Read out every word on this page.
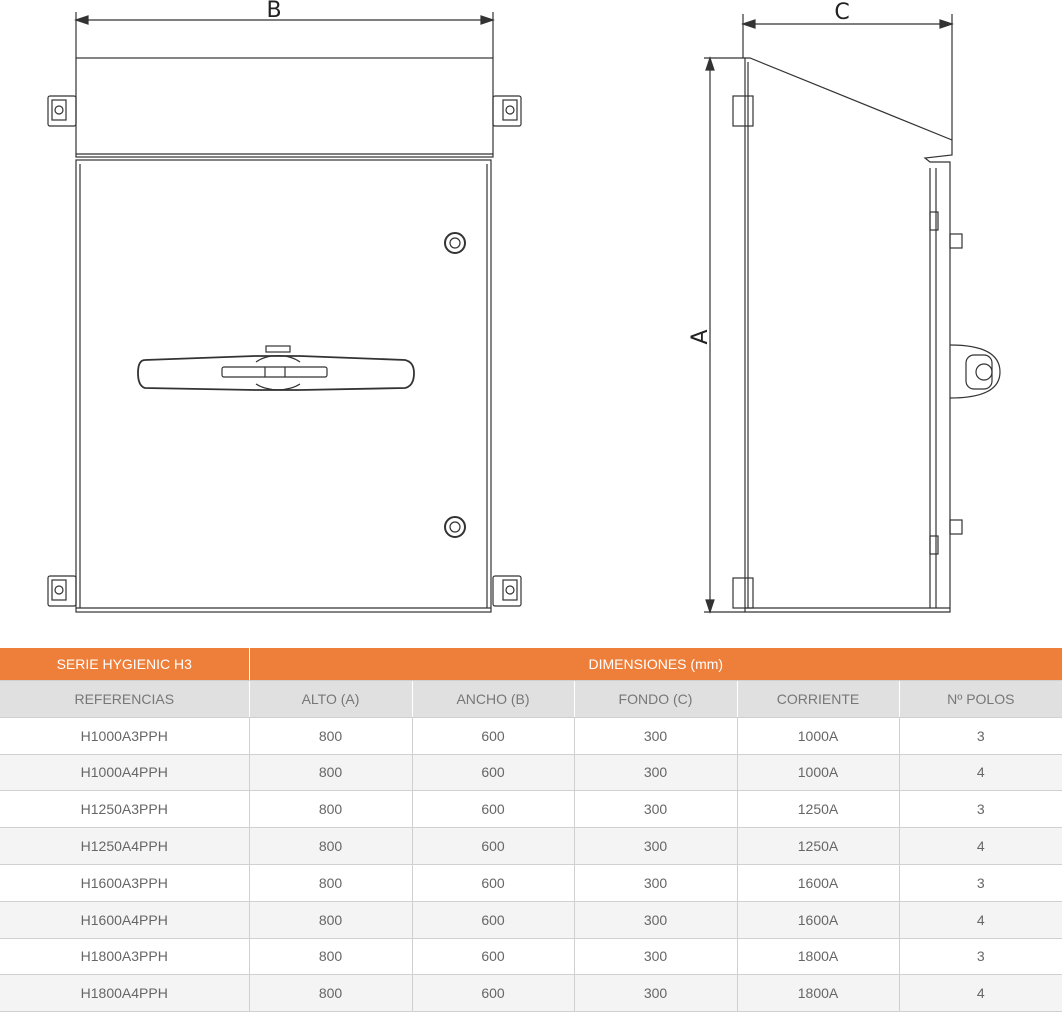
B	C
A
SERIE HYGIENIC H3	DIMENSIONES (mm)				
REFERENCIAS	ALTO (A)	ANCHO (B)	FONDO (C)	CORRIENTE	Nº POLOS
H1000A3PPH	800	600	300	1000A	3
H1000A4PPH	800	600	300	1000A	4
H1250A3PPH	800	600	300	1250A	3
H1250A4PPH	800	600	300	1250A	4
H1600A3PPH	800	600	300	1600A	3
H1600A4PPH	800	600	300	1600A	4
H1800A3PPH	800	600	300	1800A	3
H1800A4PPH	800	600	300	1800A	4
